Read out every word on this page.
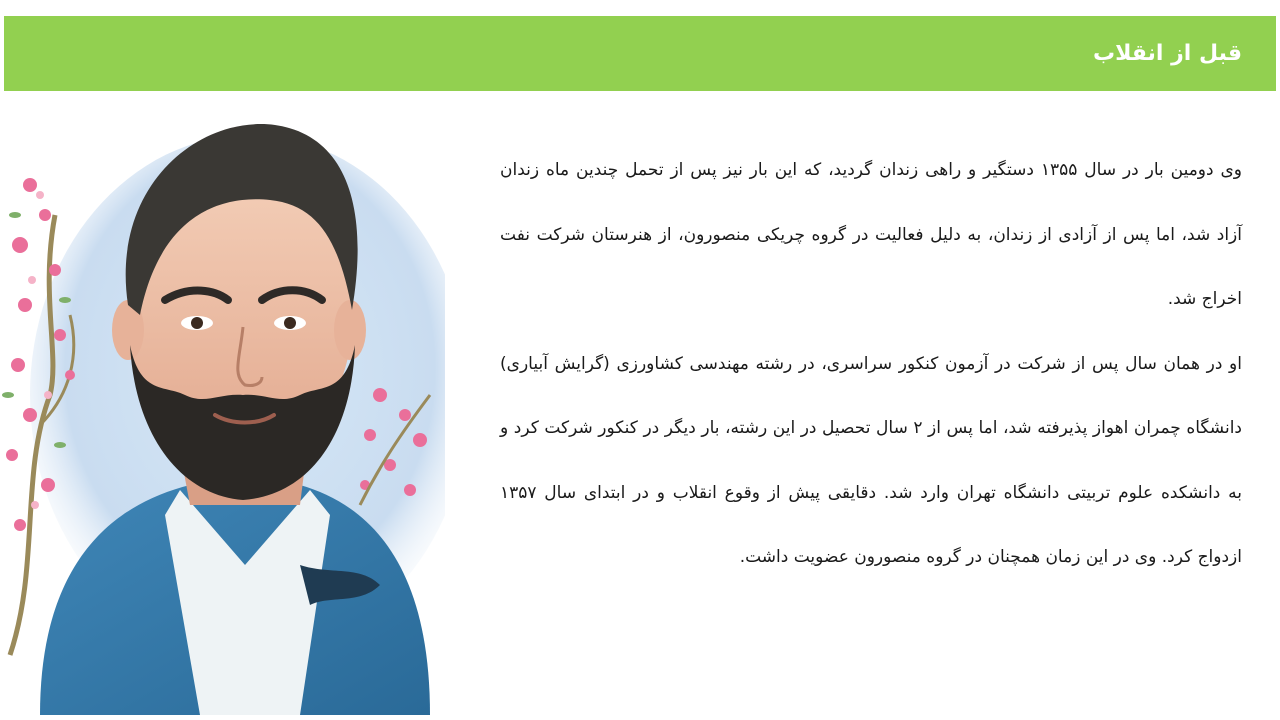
قبل از انقلاب

وی دومین بار در سال ۱۳۵۵ دستگیر و راهی زندان گردید، که این بار نیز پس از تحمل چندین ماه زندان آزاد شد، اما پس از آزادی از زندان، به دلیل فعالیت در گروه چریکی منصورون، از هنرستان شرکت نفت اخراج شد.

او در همان سال پس از شرکت در آزمون کنکور سراسری، در رشته مهندسی کشاورزی (گرایش آبیاری) دانشگاه چمران اهواز پذیرفته شد، اما پس از ۲ سال تحصیل در این رشته، بار دیگر در کنکور شرکت کرد و به دانشکده علوم تربیتی دانشگاه تهران وارد شد. دقایقی پیش از وقوع انقلاب و در ابتدای سال ۱۳۵۷ ازدواج کرد. وی در این زمان همچنان در گروه منصورون عضویت داشت.
